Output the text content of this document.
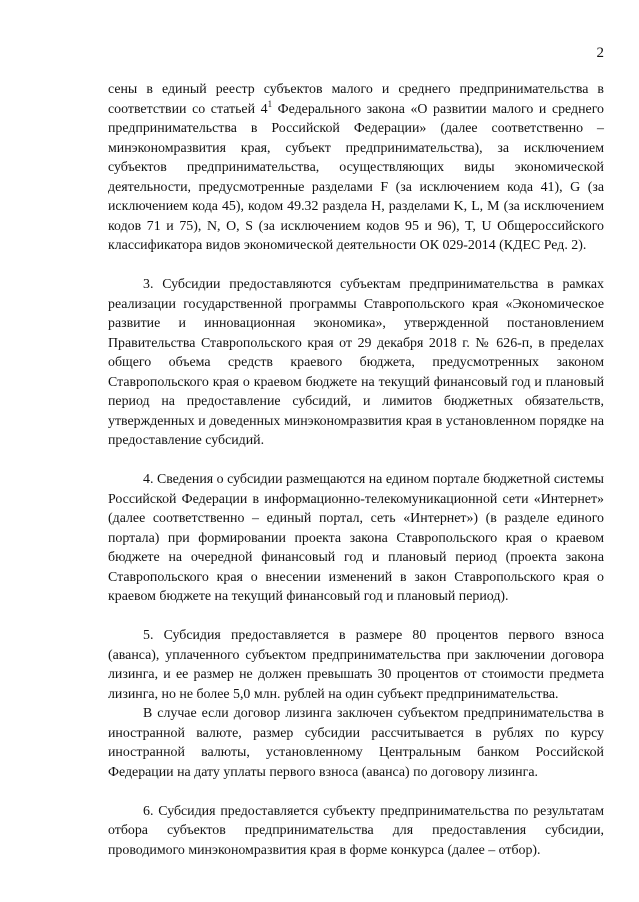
2

сены в единый реестр субъектов малого и среднего предпринимательства в соответствии со статьей $4^1$ Федерального закона «О развитии малого и среднего предпринимательства в Российской Федерации» (далее соответственно – минэкономразвития края, субъект предпринимательства), за исключением субъектов предпринимательства, осуществляющих виды экономической деятельности, предусмотренные разделами F (за исключением кода 41), G (за исключением кода 45), кодом 49.32 раздела H, разделами K, L, M (за исключением кодов 71 и 75), N, O, S (за исключением кодов 95 и 96), T, U Общероссийского классификатора видов экономической деятельности ОК 029-2014 (КДЕС Ред. 2).

3. Субсидии предоставляются субъектам предпринимательства в рамках реализации государственной программы Ставропольского края «Экономическое развитие и инновационная экономика», утвержденной постановлением Правительства Ставропольского края от 29 декабря 2018 г. № 626-п, в пределах общего объема средств краевого бюджета, предусмотренных законом Ставропольского края о краевом бюджете на текущий финансовый год и плановый период на предоставление субсидий, и лимитов бюджетных обязательств, утвержденных и доведенных минэкономразвития края в установленном порядке на предоставление субсидий.

4. Сведения о субсидии размещаются на едином портале бюджетной системы Российской Федерации в информационно-телекомуникационной сети «Интернет» (далее соответственно – единый портал, сеть «Интернет») (в разделе единого портала) при формировании проекта закона Ставропольского края о краевом бюджете на очередной финансовый год и плановый период (проекта закона Ставропольского края о внесении изменений в закон Ставропольского края о краевом бюджете на текущий финансовый год и плановый период).

5. Субсидия предоставляется в размере 80 процентов первого взноса (аванса), уплаченного субъектом предпринимательства при заключении договора лизинга, и ее размер не должен превышать 30 процентов от стоимости предмета лизинга, но не более 5,0 млн. рублей на один субъект предпринимательства.

В случае если договор лизинга заключен субъектом предпринимательства в иностранной валюте, размер субсидии рассчитывается в рублях по курсу иностранной валюты, установленному Центральным банком Российской Федерации на дату уплаты первого взноса (аванса) по договору лизинга.

6. Субсидия предоставляется субъекту предпринимательства по результатам отбора субъектов предпринимательства для предоставления субсидии, проводимого минэкономразвития края в форме конкурса (далее – отбор).
